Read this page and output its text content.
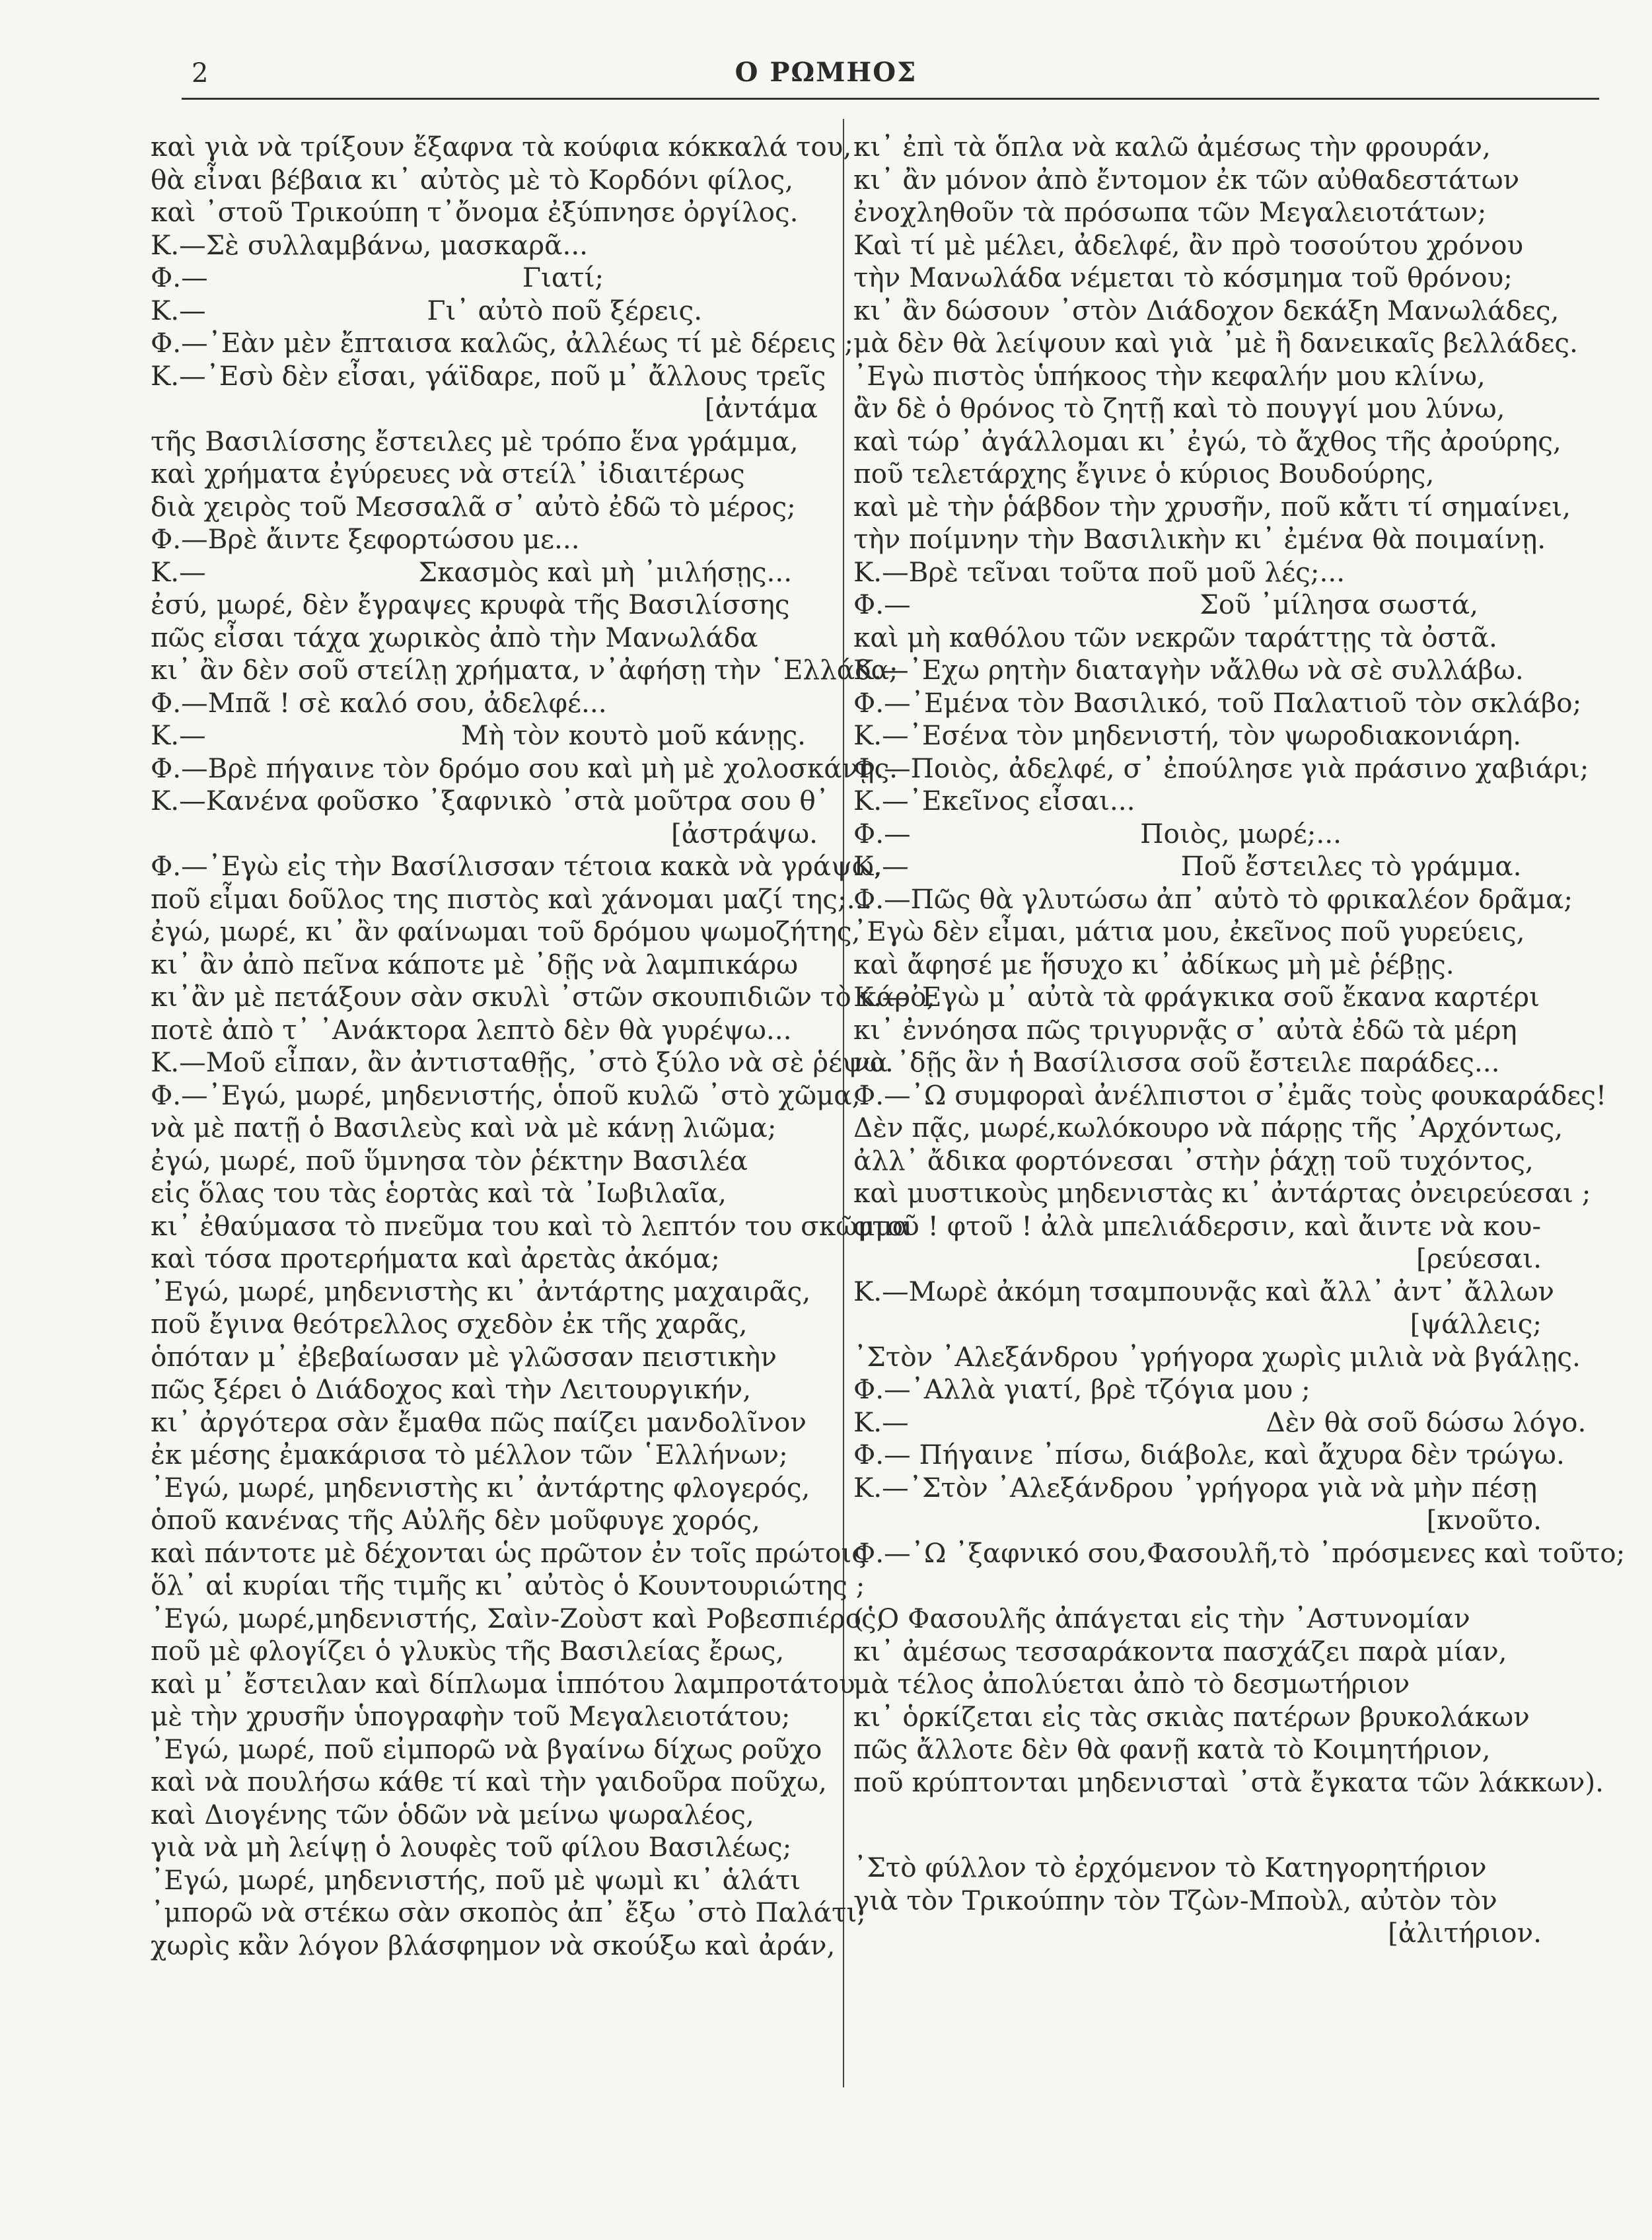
2	Ο ΡΩΜΗΟΣ
καὶ γιὰ νὰ τρίξουν ἔξαφνα τὰ κούφια κόκκαλά του,
θὰ εἶναι βέβαια κι᾽ αὐτὸς μὲ τὸ Κορδόνι φίλος,
καὶ ᾽στοῦ Τρικούπη τ᾽ὄνομα ἐξύπνησε ὀργίλος.
Κ.—Σὲ συλλαμβάνω, μασκαρᾶ...
Φ.—                                     Γιατί;
Κ.—                          Γι᾽ αὐτὸ ποῦ ξέρεις.
Φ.—᾽Εὰν μὲν ἔπταισα καλῶς, ἀλλέως τί μὲ δέρεις ;
Κ.—᾽Εσὺ δὲν εἶσαι, γάϊδαρε, ποῦ μ᾽ ἄλλους τρεῖς
[ἀντάμα
τῆς Βασιλίσσης ἔστειλες μὲ τρόπο ἕνα γράμμα,
καὶ χρήματα ἐγύρευες νὰ στείλ᾽ ἰδιαιτέρως
διὰ χειρὸς τοῦ Μεσσαλᾶ σ᾽ αὐτὸ ἐδῶ τὸ μέρος;
Φ.—Βρὲ ἄιντε ξεφορτώσου με...
Κ.—                         Σκασμὸς καὶ μὴ ᾽μιλήσῃς...
ἐσύ, μωρέ, δὲν ἔγραψες κρυφὰ τῆς Βασιλίσσης
πῶς εἶσαι τάχα χωρικὸς ἀπὸ τὴν Μανωλάδα
κι᾽ ἂν δὲν σοῦ στείλῃ χρήματα, ν᾽ἀφήσῃ τὴν ῾Ελλάδα;
Φ.—Μπᾶ ! σὲ καλό σου, ἀδελφέ...
Κ.—                              Μὴ τὸν κουτὸ μοῦ κάνῃς.
Φ.—Βρὲ πήγαινε τὸν δρόμο σου καὶ μὴ μὲ χολοσκάνῃς.
Κ.—Κανένα φοῦσκο ᾽ξαφνικὸ ᾽στὰ μοῦτρα σου θ᾽
[ἀστράψω.
Φ.—᾽Εγὼ εἰς τὴν Βασίλισσαν τέτοια κακὰ νὰ γράψω,
ποῦ εἶμαι δοῦλος της πιστὸς καὶ χάνομαι μαζί της;...
ἐγώ, μωρέ, κι᾽ ἂν φαίνωμαι τοῦ δρόμου ψωμοζήτης,
κι᾽ ἂν ἀπὸ πεῖνα κάποτε μὲ ᾽δῇς νὰ λαμπικάρω
κι᾽ἂν μὲ πετάξουν σὰν σκυλὶ ᾽στῶν σκουπιδιῶν τὸ κάρο,
ποτὲ ἀπὸ τ᾽ ᾽Ανάκτορα λεπτὸ δὲν θὰ γυρέψω...
Κ.—Μοῦ εἶπαν, ἂν ἀντισταθῇς, ᾽στὸ ξύλο νὰ σὲ ῥέψω.
Φ.—᾽Εγώ, μωρέ, μηδενιστής, ὁποῦ κυλῶ ᾽στὸ χῶμα,
νὰ μὲ πατῇ ὁ Βασιλεὺς καὶ νὰ μὲ κάνῃ λιῶμα;
ἐγώ, μωρέ, ποῦ ὕμνησα τὸν ῥέκτην Βασιλέα
εἰς ὅλας του τὰς ἑορτὰς καὶ τὰ ᾽Ιωβιλαῖα,
κι᾽ ἐθαύμασα τὸ πνεῦμα του καὶ τὸ λεπτόν του σκῶμμα
καὶ τόσα προτερήματα καὶ ἀρετὰς ἀκόμα;
᾽Εγώ, μωρέ, μηδενιστὴς κι᾽ ἀντάρτης μαχαιρᾶς,
ποῦ ἔγινα θεότρελλος σχεδὸν ἐκ τῆς χαρᾶς,
ὁπόταν μ᾽ ἐβεβαίωσαν μὲ γλῶσσαν πειστικὴν
πῶς ξέρει ὁ Διάδοχος καὶ τὴν Λειτουργικήν,
κι᾽ ἀργότερα σὰν ἔμαθα πῶς παίζει μανδολῖνον
ἐκ μέσης ἐμακάρισα τὸ μέλλον τῶν ῾Ελλήνων;
᾽Εγώ, μωρέ, μηδενιστὴς κι᾽ ἀντάρτης φλογερός,
ὁποῦ κανένας τῆς Αὐλῆς δὲν μοῦφυγε χορός,
καὶ πάντοτε μὲ δέχονται ὡς πρῶτον ἐν τοῖς πρώτοις
ὅλ᾽ αἱ κυρίαι τῆς τιμῆς κι᾽ αὐτὸς ὁ Κουντουριώτης ;
᾽Εγώ, μωρέ,μηδενιστής, Σαὶν-Ζοὺστ καὶ Ροβεσπιέρος,
ποῦ μὲ φλογίζει ὁ γλυκὺς τῆς Βασιλείας ἔρως,
καὶ μ᾽ ἔστειλαν καὶ δίπλωμα ἱππότου λαμπροτάτου
μὲ τὴν χρυσῆν ὑπογραφὴν τοῦ Μεγαλειοτάτου;
᾽Εγώ, μωρέ, ποῦ εἰμπορῶ νὰ βγαίνω δίχως ροῦχο
καὶ νὰ πουλήσω κάθε τί καὶ τὴν γαιδοῦρα πoῦχω,
καὶ Διογένης τῶν ὁδῶν νὰ μείνω ψωραλέος,
γιὰ νὰ μὴ λείψῃ ὁ λουφὲς τοῦ φίλου Βασιλέως;
᾽Εγώ, μωρέ, μηδενιστής, ποῦ μὲ ψωμὶ κι᾽ ἁλάτι
᾽μπορῶ νὰ στέκω σὰν σκοπὸς ἀπ᾽ ἔξω ᾽στὸ Παλάτι,
χωρὶς κἂν λόγον βλάσφημον νὰ σκούξω καὶ ἀράν,
κι᾽ ἐπὶ τὰ ὅπλα νὰ καλῶ ἀμέσως τὴν φρουράν,
κι᾽ ἂν μόνον ἀπὸ ἔντομον ἐκ τῶν αὐθαδεστάτων
ἐνοχληθοῦν τὰ πρόσωπα τῶν Μεγαλειοτάτων;
Καὶ τί μὲ μέλει, ἀδελφέ, ἂν πρὸ τοσούτου χρόνου
τὴν Μανωλάδα νέμεται τὸ κόσμημα τοῦ θρόνου;
κι᾽ ἂν δώσουν ᾽στὸν Διάδοχον δεκάξη Μανωλάδες,
μὰ δὲν θὰ λείψουν καὶ γιὰ ᾽μὲ ἢ δανεικαῖς βελλάδες.
᾽Εγὼ πιστὸς ὑπήκοος τὴν κεφαλήν μου κλίνω,
ἂν δὲ ὁ θρόνος τὸ ζητῇ καὶ τὸ πουγγί μου λύνω,
καὶ τώρ᾽ ἀγάλλομαι κι᾽ ἐγώ, τὸ ἄχθος τῆς ἀρούρης,
ποῦ τελετάρχης ἔγινε ὁ κύριος Βουδούρης,
καὶ μὲ τὴν ῥάβδον τὴν χρυσῆν, ποῦ κἄτι τί σημαίνει,
τὴν ποίμνην τὴν Βασιλικὴν κι᾽ ἐμένα θὰ ποιμαίνῃ.
Κ.—Βρὲ τεῖναι τοῦτα ποῦ μοῦ λές;...
Φ.—                                  Σοῦ ᾽μίλησα σωστά,
καὶ μὴ καθόλου τῶν νεκρῶν ταράττῃς τὰ ὀστᾶ.
Κ.—᾽Εχω ρητὴν διαταγὴν νἄλθω νὰ σὲ συλλάβω.
Φ.—᾽Εμένα τὸν Βασιλικό, τοῦ Παλατιοῦ τὸν σκλάβο;
Κ.—᾽Εσένα τὸν μηδενιστή, τὸν ψωροδιακονιάρη.
Φ.—Ποιὸς, ἀδελφέ, σ᾽ ἐπούλησε γιὰ πράσινο χαβιάρι;
Κ.—᾽Εκεῖνος εἶσαι...
Φ.—                           Ποιὸς, μωρέ;...
Κ.—                                Ποῦ ἔστειλες τὸ γράμμα.
Φ.—Πῶς θὰ γλυτώσω ἀπ᾽ αὐτὸ τὸ φρικαλέον δρᾶμα;
᾽Εγὼ δὲν εἶμαι, μάτια μου, ἐκεῖνος ποῦ γυρεύεις,
καὶ ἄφησέ με ἥσυχο κι᾽ ἀδίκως μὴ μὲ ῥέβῃς.
Κ.—᾽Εγὼ μ᾽ αὐτὰ τὰ φράγκικα σοῦ ἔκανα καρτέρι
κι᾽ ἐννόησα πῶς τριγυρνᾷς σ᾽ αὐτὰ ἐδῶ τὰ μέρη
νὰ ᾽δῇς ἂν ἡ Βασίλισσα σοῦ ἔστειλε παράδες...
Φ.—᾽Ω συμφοραὶ ἀνέλπιστοι σ᾽ἐμᾶς τοὺς φουκαράδες!
Δὲν πᾷς, μωρέ,κωλόκουρο νὰ πάρῃς τῆς ᾽Αρχόντως,
ἀλλ᾽ ἄδικα φορτόνεσαι ᾽στὴν ῥάχῃ τοῦ τυχόντος,
καὶ μυστικοὺς μηδενιστὰς κι᾽ ἀντάρτας ὀνειρεύεσαι ;
φτοῦ ! φτοῦ ! ἀλὰ μπελιάδερσιν, καὶ ἄιντε νὰ κου-
[ρεύεσαι.
Κ.—Μωρὲ ἀκόμη τσαμπουνᾷς καὶ ἄλλ᾽ ἀντ᾽ ἄλλων
[ψάλλεις;
᾽Στὸν ᾽Αλεξάνδρου ᾽γρήγορα χωρὶς μιλιὰ νὰ βγάλῃς.
Φ.—᾽Αλλὰ γιατί, βρὲ τζόγια μου ;
Κ.—                                          Δὲν θὰ σοῦ δώσω λόγο.
Φ.— Πήγαινε ᾽πίσω, διάβολε, καὶ ἄχυρα δὲν τρώγω.
Κ.—᾽Στὸν ᾽Αλεξάνδρου ᾽γρήγορα γιὰ νὰ μὴν πέσῃ
[κνοῦτο.
Φ.—᾽Ω ᾽ξαφνικό σου,Φασουλῆ,τὸ ᾽πρόσμενες καὶ τοῦτο;
(῾Ο Φασουλῆς ἀπάγεται εἰς τὴν ᾽Αστυνομίαν
κι᾽ ἀμέσως τεσσαράκοντα πασχάζει παρὰ μίαν,
μὰ τέλος ἀπολύεται ἀπὸ τὸ δεσμωτήριον
κι᾽ ὁρκίζεται εἰς τὰς σκιὰς πατέρων βρυκολάκων
πῶς ἄλλοτε δὲν θὰ φανῇ κατὰ τὸ Κοιμητήριον,
ποῦ κρύπτονται μηδενισταὶ ᾽στὰ ἔγκατα τῶν λάκκων).
᾽Στὸ φύλλον τὸ ἐρχόμενον τὸ Κατηγορητήριον
γιὰ τὸν Τρικούπην τὸν Τζὼν-Μποὺλ, αὐτὸν τὸν
[ἀλιτήριον.
